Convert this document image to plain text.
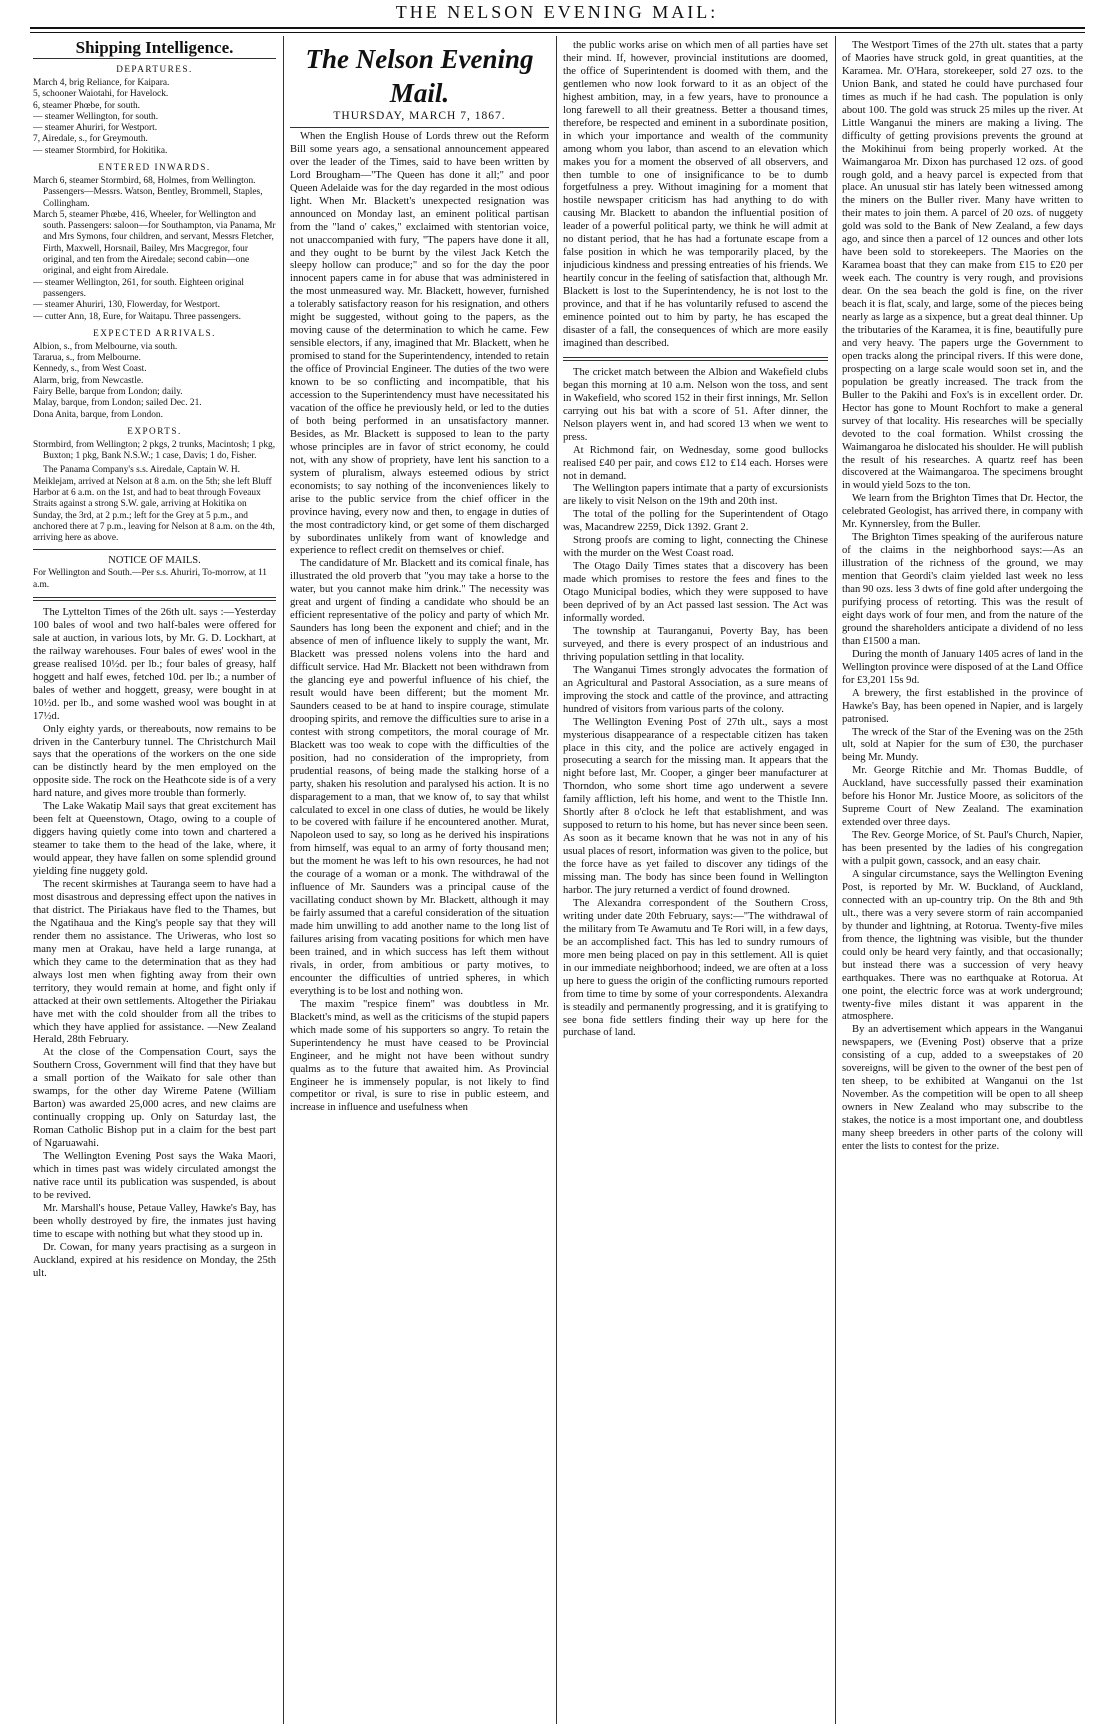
THE NELSON EVENING MAIL:
Shipping Intelligence.
DEPARTURES.

March 4, brig Reliance, for Kaipara.

5, schooner Waiotahi, for Havelock.

6, steamer Phœbe, for south.

— steamer Wellington, for south.

— steamer Ahuriri, for Westport.

7, Airedale, s., for Greymouth.

— steamer Stormbird, for Hokitika.

ENTERED INWARDS.

March 6, steamer Stormbird, 68, Holmes, from Wellington. Passengers—Messrs. Watson, Bentley, Brommell, Staples, Collingham.

March 5, steamer Phœbe, 416, Wheeler, for Wellington and south. Passengers: saloon—for Southampton, via Panama, Mr and Mrs Symons, four children, and servant, Messrs Fletcher, Firth, Maxwell, Horsnail, Bailey, Mrs Macgregor, four original, and ten from the Airedale; second cabin—one original, and eight from Airedale.

— steamer Wellington, 261, for south. Eighteen original passengers.

— steamer Ahuriri, 130, Flowerday, for Westport.

— cutter Ann, 18, Eure, for Waitapu. Three passengers.

EXPECTED ARRIVALS.

Albion, s., from Melbourne, via south.

Tararua, s., from Melbourne.

Kennedy, s., from West Coast.

Alarm, brig, from Newcastle.

Fairy Belle, barque from London; daily.

Malay, barque, from London; sailed Dec. 21.

Dona Anita, barque, from London.

EXPORTS.

Stormbird, from Wellington; 2 pkgs, 2 trunks, Macintosh; 1 pkg, Buxton; 1 pkg, Bank N.S.W.; 1 case, Davis; 1 do, Fisher.

The Panama Company's s.s. Airedale, Captain W. H. Meiklejam, arrived at Nelson at 8 a.m. on the 5th; she left Bluff Harbor at 6 a.m. on the 1st, and had to beat through Foveaux Straits against a strong S.W. gale, arriving at Hokitika on Sunday, the 3rd, at 2 p.m.; left for the Grey at 5 p.m., and anchored there at 7 p.m., leaving for Nelson at 8 a.m. on the 4th, arriving here as above.

NOTICE OF MAILS.

For Wellington and South.—Per s.s. Ahuriri, To-morrow, at 11 a.m.

The Lyttelton Times of the 26th ult. says :—Yesterday 100 bales of wool and two half-bales were offered for sale at auction, in various lots, by Mr. G. D. Lockhart, at the railway warehouses. Four bales of ewes' wool in the grease realised 10½d. per lb.; four bales of greasy, half hoggett and half ewes, fetched 10d. per lb.; a number of bales of wether and hoggett, greasy, were bought in at 10½d. per lb., and some washed wool was bought in at 17½d.

Only eighty yards, or thereabouts, now remains to be driven in the Canterbury tunnel. The Christchurch Mail says that the operations of the workers on the one side can be distinctly heard by the men employed on the opposite side. The rock on the Heathcote side is of a very hard nature, and gives more trouble than formerly.

The Lake Wakatip Mail says that great excitement has been felt at Queenstown, Otago, owing to a couple of diggers having quietly come into town and chartered a steamer to take them to the head of the lake, where, it would appear, they have fallen on some splendid ground yielding fine nuggety gold.

The recent skirmishes at Tauranga seem to have had a most disastrous and depressing effect upon the natives in that district. The Piriakaus have fled to the Thames, but the Ngatihaua and the King's people say that they will render them no assistance. The Uriweras, who lost so many men at Orakau, have held a large runanga, at which they came to the determination that as they had always lost men when fighting away from their own territory, they would remain at home, and fight only if attacked at their own settlements. Altogether the Piriakau have met with the cold shoulder from all the tribes to which they have applied for assistance. —New Zealand Herald, 28th February.

At the close of the Compensation Court, says the Southern Cross, Government will find that they have but a small portion of the Waikato for sale other than swamps, for the other day Wireme Patene (William Barton) was awarded 25,000 acres, and new claims are continually cropping up. Only on Saturday last, the Roman Catholic Bishop put in a claim for the best part of Ngaruawahi.

The Wellington Evening Post says the Waka Maori, which in times past was widely circulated amongst the native race until its publication was suspended, is about to be revived.

Mr. Marshall's house, Petaue Valley, Hawke's Bay, has been wholly destroyed by fire, the inmates just having time to escape with nothing but what they stood up in.

Dr. Cowan, for many years practising as a surgeon in Auckland, expired at his residence on Monday, the 25th ult.

The Nelson Evening Mail.
THURSDAY, MARCH 7, 1867.

When the English House of Lords threw out the Reform Bill some years ago, a sensational announcement appeared over the leader of the Times, said to have been written by Lord Brougham—"The Queen has done it all;" and poor Queen Adelaide was for the day regarded in the most odious light. When Mr. Blackett's unexpected resignation was announced on Monday last, an eminent political partisan from the "land o' cakes," exclaimed with stentorian voice, not unaccompanied with fury, "The papers have done it all, and they ought to be burnt by the vilest Jack Ketch the sleepy hollow can produce;" and so for the day the poor innocent papers came in for abuse that was administered in the most unmeasured way. Mr. Blackett, however, furnished a tolerably satisfactory reason for his resignation, and others might be suggested, without going to the papers, as the moving cause of the determination to which he came. Few sensible electors, if any, imagined that Mr. Blackett, when he promised to stand for the Superintendency, intended to retain the office of Provincial Engineer. The duties of the two were known to be so conflicting and incompatible, that his accession to the Superintendency must have necessitated his vacation of the office he previously held, or led to the duties of both being performed in an unsatisfactory manner. Besides, as Mr. Blackett is supposed to lean to the party whose principles are in favor of strict economy, he could not, with any show of propriety, have lent his sanction to a system of pluralism, always esteemed odious by strict economists; to say nothing of the inconveniences likely to arise to the public service from the chief officer in the province having, every now and then, to engage in duties of the most contradictory kind, or get some of them discharged by subordinates unlikely from want of knowledge and experience to reflect credit on themselves or chief.

The candidature of Mr. Blackett and its comical finale, has illustrated the old proverb that "you may take a horse to the water, but you cannot make him drink." The necessity was great and urgent of finding a candidate who should be an efficient representative of the policy and party of which Mr. Saunders has long been the exponent and chief; and in the absence of men of influence likely to supply the want, Mr. Blackett was pressed nolens volens into the hard and difficult service. Had Mr. Blackett not been withdrawn from the glancing eye and powerful influence of his chief, the result would have been different; but the moment Mr. Saunders ceased to be at hand to inspire courage, stimulate drooping spirits, and remove the difficulties sure to arise in a contest with strong competitors, the moral courage of Mr. Blackett was too weak to cope with the difficulties of the position, had no consideration of the impropriety, from prudential reasons, of being made the stalking horse of a party, shaken his resolution and paralysed his action. It is no disparagement to a man, that we know of, to say that whilst calculated to excel in one class of duties, he would be likely to be covered with failure if he encountered another. Murat, Napoleon used to say, so long as he derived his inspirations from himself, was equal to an army of forty thousand men; but the moment he was left to his own resources, he had not the courage of a woman or a monk. The withdrawal of the influence of Mr. Saunders was a principal cause of the vacillating conduct shown by Mr. Blackett, although it may be fairly assumed that a careful consideration of the situation made him unwilling to add another name to the long list of failures arising from vacating positions for which men have been trained, and in which success has left them without rivals, in order, from ambitious or party motives, to encounter the difficulties of untried spheres, in which everything is to be lost and nothing won.

The maxim "respice finem" was doubtless in Mr. Blackett's mind, as well as the criticisms of the stupid papers which made some of his supporters so angry. To retain the Superintendency he must have ceased to be Provincial Engineer, and he might not have been without sundry qualms as to the future that awaited him. As Provincial Engineer he is immensely popular, is not likely to find competitor or rival, is sure to rise in public esteem, and increase in influence and usefulness when

the public works arise on which men of all parties have set their mind. If, however, provincial institutions are doomed, the office of Superintendent is doomed with them, and the gentlemen who now look forward to it as an object of the highest ambition, may, in a few years, have to pronounce a long farewell to all their greatness. Better a thousand times, therefore, be respected and eminent in a subordinate position, in which your importance and wealth of the community among whom you labor, than ascend to an elevation which makes you for a moment the observed of all observers, and then tumble to one of insignificance to be to dumb forgetfulness a prey. Without imagining for a moment that hostile newspaper criticism has had anything to do with causing Mr. Blackett to abandon the influential position of leader of a powerful political party, we think he will admit at no distant period, that he has had a fortunate escape from a false position in which he was temporarily placed, by the injudicious kindness and pressing entreaties of his friends. We heartily concur in the feeling of satisfaction that, although Mr. Blackett is lost to the Superintendency, he is not lost to the province, and that if he has voluntarily refused to ascend the eminence pointed out to him by party, he has escaped the disaster of a fall, the consequences of which are more easily imagined than described.

The cricket match between the Albion and Wakefield clubs began this morning at 10 a.m. Nelson won the toss, and sent in Wakefield, who scored 152 in their first innings, Mr. Sellon carrying out his bat with a score of 51. After dinner, the Nelson players went in, and had scored 13 when we went to press.

At Richmond fair, on Wednesday, some good bullocks realised £40 per pair, and cows £12 to £14 each. Horses were not in demand.

The Wellington papers intimate that a party of excursionists are likely to visit Nelson on the 19th and 20th inst.

The total of the polling for the Superintendent of Otago was, Macandrew 2259, Dick 1392. Grant 2.

Strong proofs are coming to light, connecting the Chinese with the murder on the West Coast road.

The Otago Daily Times states that a discovery has been made which promises to restore the fees and fines to the Otago Municipal bodies, which they were supposed to have been deprived of by an Act passed last session. The Act was informally worded.

The township at Tauranganui, Poverty Bay, has been surveyed, and there is every prospect of an industrious and thriving population settling in that locality.

The Wanganui Times strongly advocates the formation of an Agricultural and Pastoral Association, as a sure means of improving the stock and cattle of the province, and attracting hundred of visitors from various parts of the colony.

The Wellington Evening Post of 27th ult., says a most mysterious disappearance of a respectable citizen has taken place in this city, and the police are actively engaged in prosecuting a search for the missing man. It appears that the night before last, Mr. Cooper, a ginger beer manufacturer at Thorndon, who some short time ago underwent a severe family affliction, left his home, and went to the Thistle Inn. Shortly after 8 o'clock he left that establishment, and was supposed to return to his home, but has never since been seen. As soon as it became known that he was not in any of his usual places of resort, information was given to the police, but the force have as yet failed to discover any tidings of the missing man. The body has since been found in Wellington harbor. The jury returned a verdict of found drowned.

The Alexandra correspondent of the Southern Cross, writing under date 20th February, says:—"The withdrawal of the military from Te Awamutu and Te Rori will, in a few days, be an accomplished fact. This has led to sundry rumours of more men being placed on pay in this settlement. All is quiet in our immediate neighborhood; indeed, we are often at a loss up here to guess the origin of the conflicting rumours reported from time to time by some of your correspondents. Alexandra is steadily and permanently progressing, and it is gratifying to see bona fide settlers finding their way up here for the purchase of land.

The Westport Times of the 27th ult. states that a party of Maories have struck gold, in great quantities, at the Karamea. Mr. O'Hara, storekeeper, sold 27 ozs. to the Union Bank, and stated he could have purchased four times as much if he had cash. The population is only about 100. The gold was struck 25 miles up the river. At Little Wanganui the miners are making a living. The difficulty of getting provisions prevents the ground at the Mokihinui from being properly worked. At the Waimangaroa Mr. Dixon has purchased 12 ozs. of good rough gold, and a heavy parcel is expected from that place. An unusual stir has lately been witnessed among the miners on the Buller river. Many have written to their mates to join them. A parcel of 20 ozs. of nuggety gold was sold to the Bank of New Zealand, a few days ago, and since then a parcel of 12 ounces and other lots have been sold to storekeepers. The Maories on the Karamea boast that they can make from £15 to £20 per week each. The country is very rough, and provisions dear. On the sea beach the gold is fine, on the river beach it is flat, scaly, and large, some of the pieces being nearly as large as a sixpence, but a great deal thinner. Up the tributaries of the Karamea, it is fine, beautifully pure and very heavy. The papers urge the Government to open tracks along the principal rivers. If this were done, prospecting on a large scale would soon set in, and the population be greatly increased. The track from the Buller to the Pakihi and Fox's is in excellent order. Dr. Hector has gone to Mount Rochfort to make a general survey of that locality. His researches will be specially devoted to the coal formation. Whilst crossing the Waimangaroa he dislocated his shoulder. He will publish the result of his researches. A quartz reef has been discovered at the Waimangaroa. The specimens brought in would yield 5ozs to the ton.

We learn from the Brighton Times that Dr. Hector, the celebrated Geologist, has arrived there, in company with Mr. Kynnersley, from the Buller.

The Brighton Times speaking of the auriferous nature of the claims in the neighborhood says:—As an illustration of the richness of the ground, we may mention that Geordi's claim yielded last week no less than 90 ozs. less 3 dwts of fine gold after undergoing the purifying process of retorting. This was the result of eight days work of four men, and from the nature of the ground the shareholders anticipate a dividend of no less than £1500 a man.

During the month of January 1405 acres of land in the Wellington province were disposed of at the Land Office for £3,201 15s 9d.

A brewery, the first established in the province of Hawke's Bay, has been opened in Napier, and is largely patronised.

The wreck of the Star of the Evening was on the 25th ult, sold at Napier for the sum of £30, the purchaser being Mr. Mundy.

Mr. George Ritchie and Mr. Thomas Buddle, of Auckland, have successfully passed their examination before his Honor Mr. Justice Moore, as solicitors of the Supreme Court of New Zealand. The examination extended over three days.

The Rev. George Morice, of St. Paul's Church, Napier, has been presented by the ladies of his congregation with a pulpit gown, cassock, and an easy chair.

A singular circumstance, says the Wellington Evening Post, is reported by Mr. W. Buckland, of Auckland, connected with an up-country trip. On the 8th and 9th ult., there was a very severe storm of rain accompanied by thunder and lightning, at Rotorua. Twenty-five miles from thence, the lightning was visible, but the thunder could only be heard very faintly, and that occasionally; but instead there was a succession of very heavy earthquakes. There was no earthquake at Rotorua. At one point, the electric force was at work underground; twenty-five miles distant it was apparent in the atmosphere.

By an advertisement which appears in the Wanganui newspapers, we (Evening Post) observe that a prize consisting of a cup, added to a sweepstakes of 20 sovereigns, will be given to the owner of the best pen of ten sheep, to be exhibited at Wanganui on the 1st November. As the competition will be open to all sheep owners in New Zealand who may subscribe to the stakes, the notice is a most important one, and doubtless many sheep breeders in other parts of the colony will enter the lists to contest for the prize.
